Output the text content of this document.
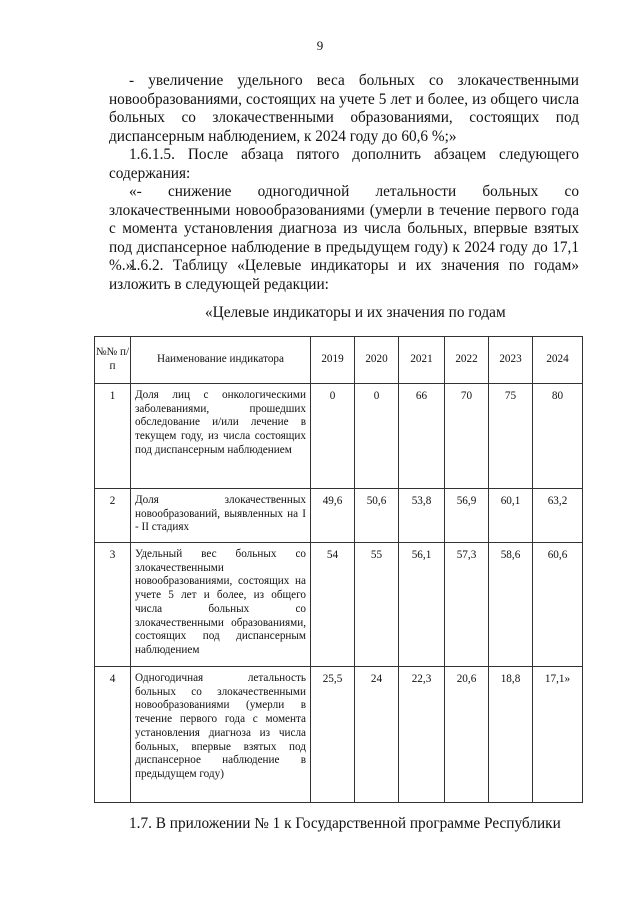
9

- увеличение удельного веса больных со злокачественными новообразованиями, состоящих на учете 5 лет и более, из общего числа больных со злокачественными образованиями, состоящих под диспансерным наблюдением, к 2024 году до 60,6 %;»

1.6.1.5. После абзаца пятого дополнить абзацем следующего содержания:

«- снижение одногодичной летальности больных со злокачественными новообразованиями (умерли в течение первого года с момента установления диагноза из числа больных, впервые взятых под диспансерное наблюдение в предыдущем году) к 2024 году до 17,1 %.».

1.6.2. Таблицу «Целевые индикаторы и их значения по годам» изложить в следующей редакции:

«Целевые индикаторы и их значения по годам
№№ п/п	Наименование индикатора	2019	2020	2021	2022	2023	2024
1	Доля лиц с онкологическими заболеваниями, прошедших обследование и/или лечение в текущем году, из числа состоящих под диспансерным наблюдением	0	0	66	70	75	80
2	Доля злокачественных новообразований, выявленных на I - II стадиях	49,6	50,6	53,8	56,9	60,1	63,2
3	Удельный вес больных со злокачественными новообразованиями, состоящих на учете 5 лет и более, из общего числа больных со злокачественными образованиями, состоящих под диспансерным наблюдением	54	55	56,1	57,3	58,6	60,6
4	Одногодичная летальность больных со злокачественными новообразованиями (умерли в течение первого года с момента установления диагноза из числа больных, впервые взятых под диспансерное наблюдение в предыдущем году)	25,5	24	22,3	20,6	18,8	17,1»

1.7. В приложении № 1 к Государственной программе Республики
